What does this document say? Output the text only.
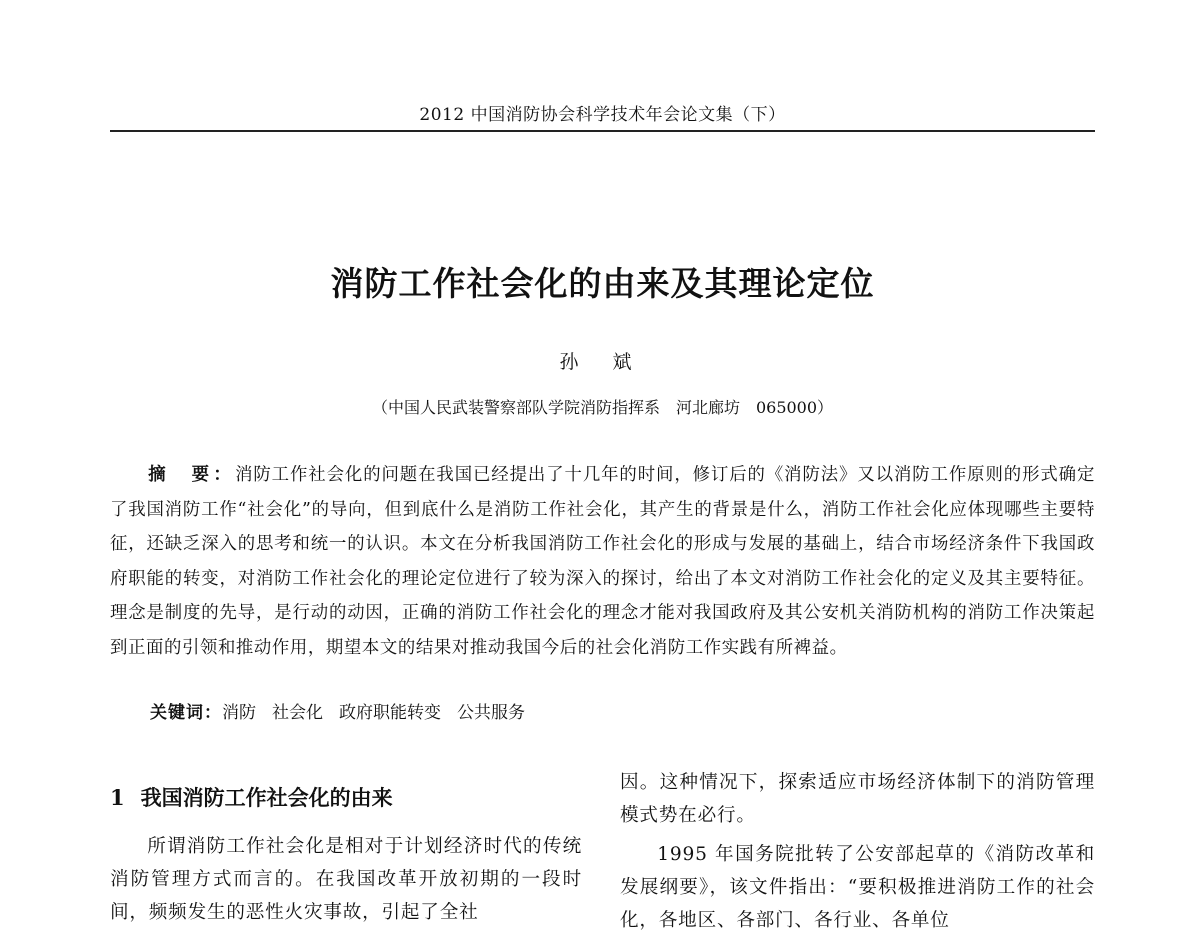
2012 中国消防协会科学技术年会论文集（下）
消防工作社会化的由来及其理论定位
孙 斌
（中国人民武装警察部队学院消防指挥系　河北廊坊　065000）
摘　要：消防工作社会化的问题在我国已经提出了十几年的时间，修订后的《消防法》又以消防工作原则的形式确定了我国消防工作“社会化”的导向，但到底什么是消防工作社会化，其产生的背景是什么，消防工作社会化应体现哪些主要特征，还缺乏深入的思考和统一的认识。本文在分析我国消防工作社会化的形成与发展的基础上，结合市场经济条件下我国政府职能的转变，对消防工作社会化的理论定位进行了较为深入的探讨，给出了本文对消防工作社会化的定义及其主要特征。理念是制度的先导，是行动的动因，正确的消防工作社会化的理念才能对我国政府及其公安机关消防机构的消防工作决策起到正面的引领和推动作用，期望本文的结果对推动我国今后的社会化消防工作实践有所裨益。
关键词：消防 社会化 政府职能转变 公共服务
1 我国消防工作社会化的由来

所谓消防工作社会化是相对于计划经济时代的传统消防管理方式而言的。在我国改革开放初期的一段时间，频频发生的恶性火灾事故，引起了全社

因。这种情况下，探索适应市场经济体制下的消防管理模式势在必行。

1995 年国务院批转了公安部起草的《消防改革和发展纲要》，该文件指出：“要积极推进消防工作的社会化，各地区、各部门、各行业、各单位
